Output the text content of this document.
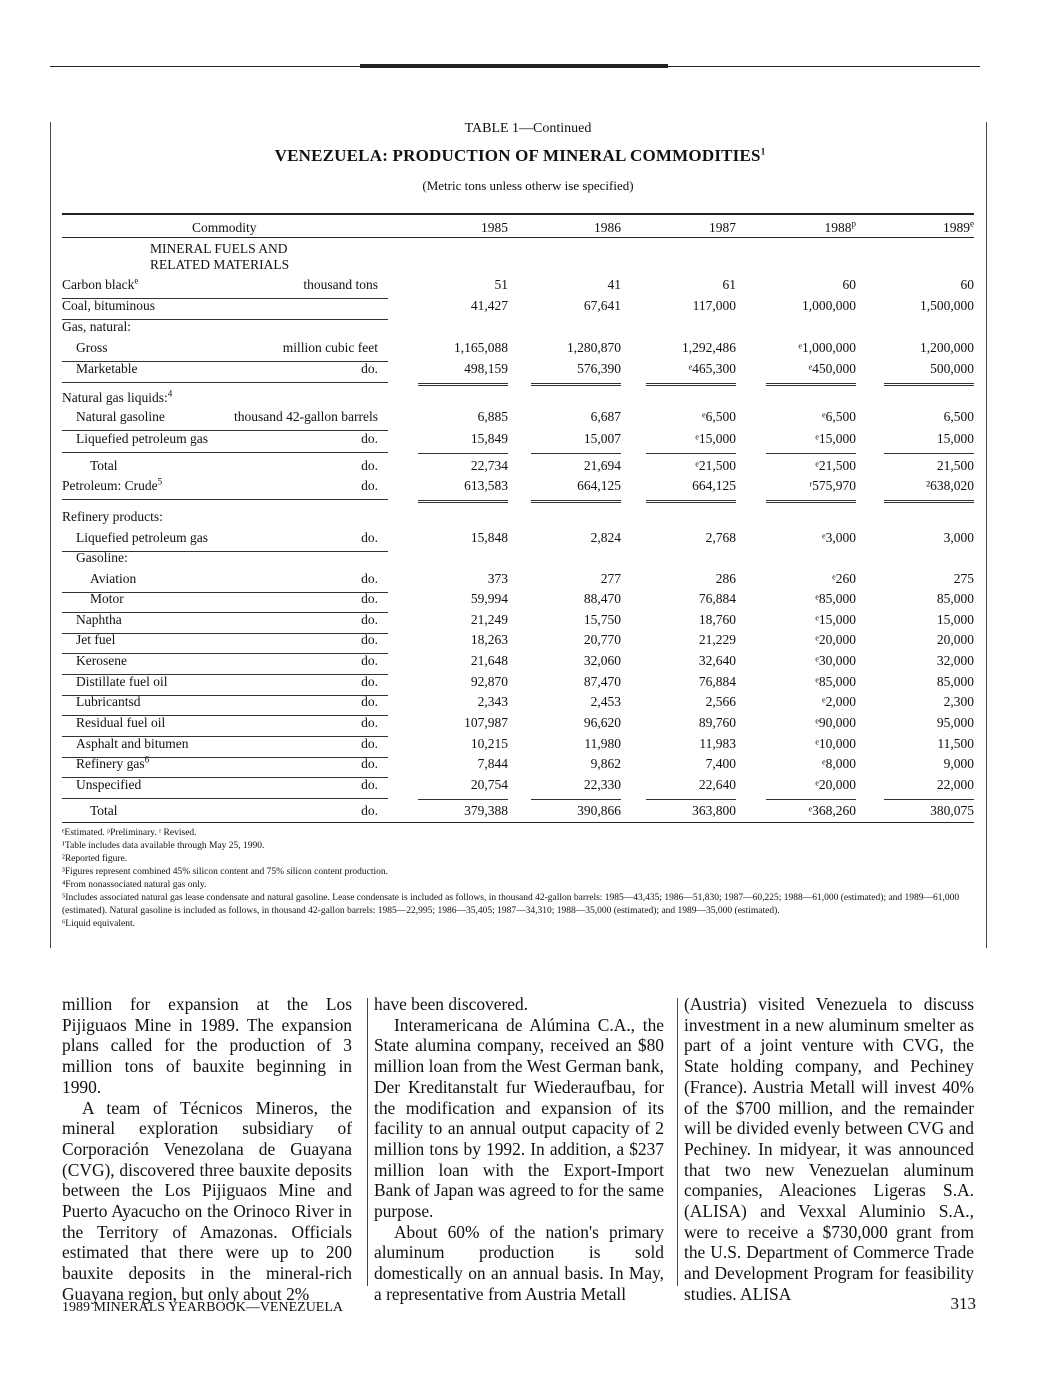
TABLE 1—Continued
VENEZUELA: PRODUCTION OF MINERAL COMMODITIES$^1$
(Metric tons unless otherw ise specified)
Commodity	1985	1986	1987	1988$^p$	1989e
MINERAL FUELS AND
RELATED MATERIALS
Carbon black$^e$	thousand tons	51	41	61	60	60
Coal, bituminous	41,427	67,641	117,000	1,000,000	1,500,000
Gas, natural:
Gross	million cubic feet	1,165,088	1,280,870	1,292,486	ᵉ1,000,000	1,200,000
Marketable	do.	498,159	576,390	ᵉ465,300	ᵉ450,000	500,000
Natural gas liquids:$^4$
Natural gasoline	thousand 42-gallon barrels	6,885	6,687	ᵉ6,500	ᵉ6,500	6,500
Liquefied petroleum gas	do.	15,849	15,007	ᵉ15,000	ᵉ15,000	15,000
Total	do.	22,734	21,694	ᵉ21,500	ᵉ21,500	21,500
Petroleum: Crude$^5$	do.	613,583	664,125	664,125	ʳ575,970	²638,020
Refinery products:
Liquefied petroleum gas	do.	15,848	2,824	2,768	ᵉ3,000	3,000
Gasoline:
Aviation	do.	373	277	286	ᵉ260	275
Motor	do.	59,994	88,470	76,884	ᵉ85,000	85,000
Naphtha	do.	21,249	15,750	18,760	ᵉ15,000	15,000
Jet fuel	do.	18,263	20,770	21,229	ᵉ20,000	20,000
Kerosene	do.	21,648	32,060	32,640	ᵉ30,000	32,000
Distillate fuel oil	do.	92,870	87,470	76,884	ᵉ85,000	85,000
Lubricantsd	do.	2,343	2,453	2,566	ᵉ2,000	2,300
Residual fuel oil	do.	107,987	96,620	89,760	ᵉ90,000	95,000
Asphalt and bitumen	do.	10,215	11,980	11,983	ᵉ10,000	11,500
Refinery gas$^6$	do.	7,844	9,862	7,400	ᵉ8,000	9,000
Unspecified	do.	20,754	22,330	22,640	ᵉ20,000	22,000
Total	do.	379,388	390,866	363,800	ᵉ368,260	380,075
ᵉEstimated. ᵖPreliminary. ʳ Revised.
¹Table includes data available through May 25, 1990.
²Reported figure.
³Figures represent combined 45% silicon content and 75% silicon content production.
⁴From nonassociated natural gas only.
⁵Includes associated natural gas lease condensate and natural gasoline. Lease condensate is included as follows, in thousand 42-gallon barrels: 1985—43,435; 1986—51,830; 1987—60,225; 1988—61,000 (estimated); and 1989—61,000 (estimated). Natural gasoline is included as follows, in thousand 42-gallon barrels: 1985—22,995; 1986—35,405; 1987—34,310; 1988—35,000 (estimated); and 1989—35,000 (estimated).
⁶Liquid equivalent.

million for expansion at the Los Pijiguaos Mine in 1989. The expansion plans called for the production of 3 million tons of bauxite beginning in 1990.

A team of Técnicos Mineros, the mineral exploration subsidiary of Corporación Venezolana de Guayana (CVG), discovered three bauxite deposits between the Los Pijiguaos Mine and Puerto Ayacucho on the Orinoco River in the Territory of Amazonas. Officials estimated that there were up to 200 bauxite deposits in the mineral-rich Guayana region, but only about 2%

have been discovered.

Interamericana de Alúmina C.A., the State alumina company, received an $80 million loan from the West German bank, Der Kreditanstalt fur Wiederaufbau, for the modification and expansion of its facility to an annual output capacity of 2 million tons by 1992. In addition, a $237 million loan with the Export-Import Bank of Japan was agreed to for the same purpose.

About 60% of the nation's primary aluminum production is sold domestically on an annual basis. In May, a representative from Austria Metall

(Austria) visited Venezuela to discuss investment in a new aluminum smelter as part of a joint venture with CVG, the State holding company, and Pechiney (France). Austria Metall will invest 40% of the $700 million, and the remainder will be divided evenly between CVG and Pechiney. In midyear, it was announced that two new Venezuelan aluminum companies, Aleaciones Ligeras S.A. (ALISA) and Vexxal Aluminio S.A., were to receive a $730,000 grant from the U.S. Department of Commerce Trade and Development Program for feasibility studies. ALISA

1989 MINERALS YEARBOOK—VENEZUELA	313
